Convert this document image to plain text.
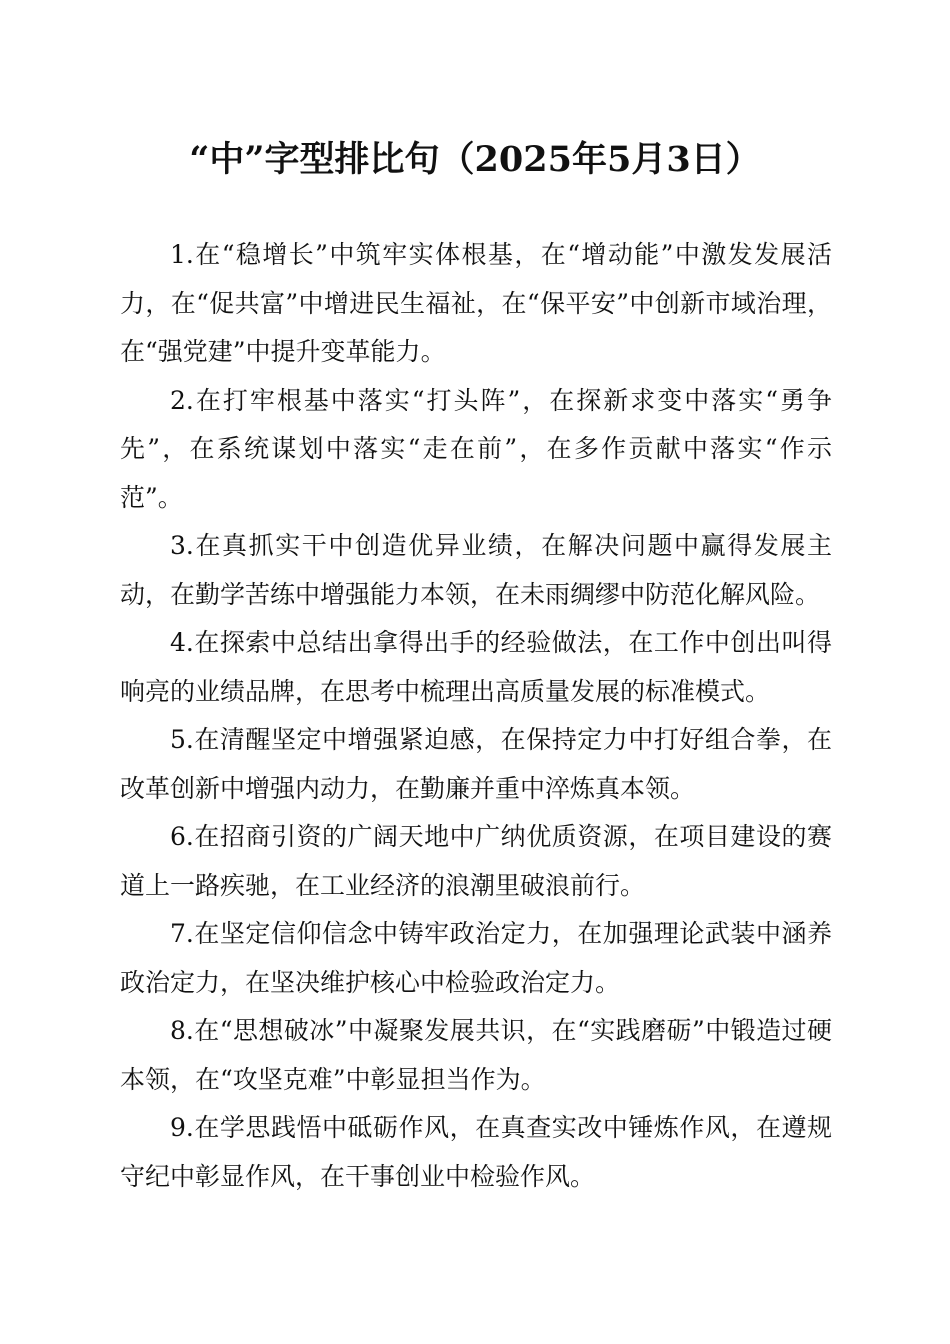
“中”字型排比句（2025年5月3日）

1.在“稳增长”中筑牢实体根基，在“增动能”中激发发展活力，在“促共富”中增进民生福祉，在“保平安”中创新市域治理，在“强党建”中提升变革能力。

2.在打牢根基中落实“打头阵”，在探新求变中落实“勇争先”，在系统谋划中落实“走在前”，在多作贡献中落实“作示范”。

3.在真抓实干中创造优异业绩，在解决问题中赢得发展主动，在勤学苦练中增强能力本领，在未雨绸缪中防范化解风险。

4.在探索中总结出拿得出手的经验做法，在工作中创出叫得响亮的业绩品牌，在思考中梳理出高质量发展的标准模式。

5.在清醒坚定中增强紧迫感，在保持定力中打好组合拳，在改革创新中增强内动力，在勤廉并重中淬炼真本领。

6.在招商引资的广阔天地中广纳优质资源，在项目建设的赛道上一路疾驰，在工业经济的浪潮里破浪前行。

7.在坚定信仰信念中铸牢政治定力，在加强理论武装中涵养政治定力，在坚决维护核心中检验政治定力。

8.在“思想破冰”中凝聚发展共识，在“实践磨砺”中锻造过硬本领，在“攻坚克难”中彰显担当作为。

9.在学思践悟中砥砺作风，在真查实改中锤炼作风，在遵规守纪中彰显作风，在干事创业中检验作风。
